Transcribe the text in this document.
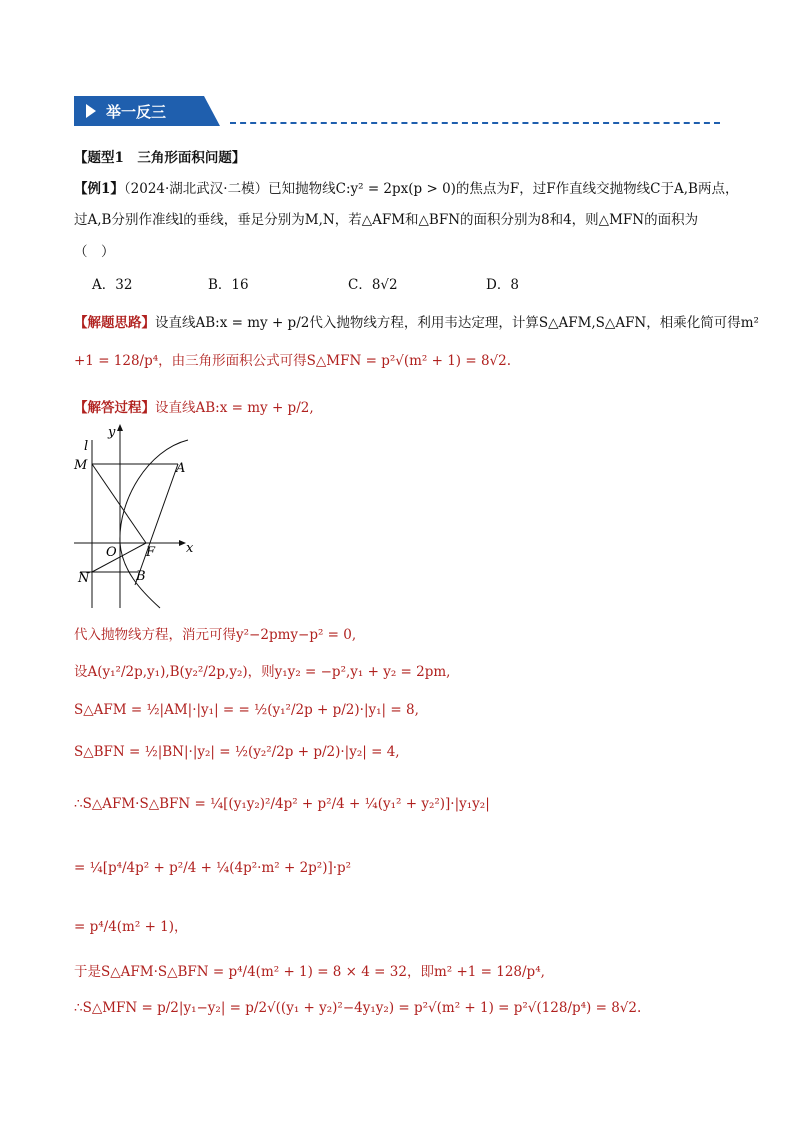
举一反三
【题型1　三角形面积问题】
【例1】（2024·湖北武汉·二模）已知抛物线C:y² = 2px(p > 0)的焦点为F，过F作直线交抛物线C于A,B两点，
过A,B分别作准线l的垂线，垂足分别为M,N，若△AFM和△BFN的面积分别为8和4，则△MFN的面积为
（　）
A．32	B．16	C．8√2	D．8
【解题思路】设直线AB:x = my + p/2代入抛物线方程，利用韦达定理，计算S△AFM,S△AFN，相乘化简可得m²
+1 = 128/p⁴，由三角形面积公式可得S△MFN = p²√(m² + 1) = 8√2.
【解答过程】设直线AB:x = my + p/2,
l
y
x
M	A
O F
N	B
代入抛物线方程，消元可得y²−2pmy−p² = 0,
设A(y₁²/2p,y₁),B(y₂²/2p,y₂)，则y₁y₂ = −p²,y₁ + y₂ = 2pm,
S△AFM = ½|AM|·|y₁| = = ½(y₁²/2p + p/2)·|y₁| = 8,
S△BFN = ½|BN|·|y₂| = ½(y₂²/2p + p/2)·|y₂| = 4,
∴S△AFM·S△BFN = ¼[(y₁y₂)²/4p² + p²/4 + ¼(y₁² + y₂²)]·|y₁y₂|
= ¼[p⁴/4p² + p²/4 + ¼(4p²·m² + 2p²)]·p²
= p⁴/4(m² + 1)，
于是S△AFM·S△BFN = p⁴/4(m² + 1) = 8 × 4 = 32，即m² +1 = 128/p⁴,
∴S△MFN = p/2|y₁−y₂| = p/2√((y₁ + y₂)²−4y₁y₂) = p²√(m² + 1) = p²√(128/p⁴) = 8√2.
